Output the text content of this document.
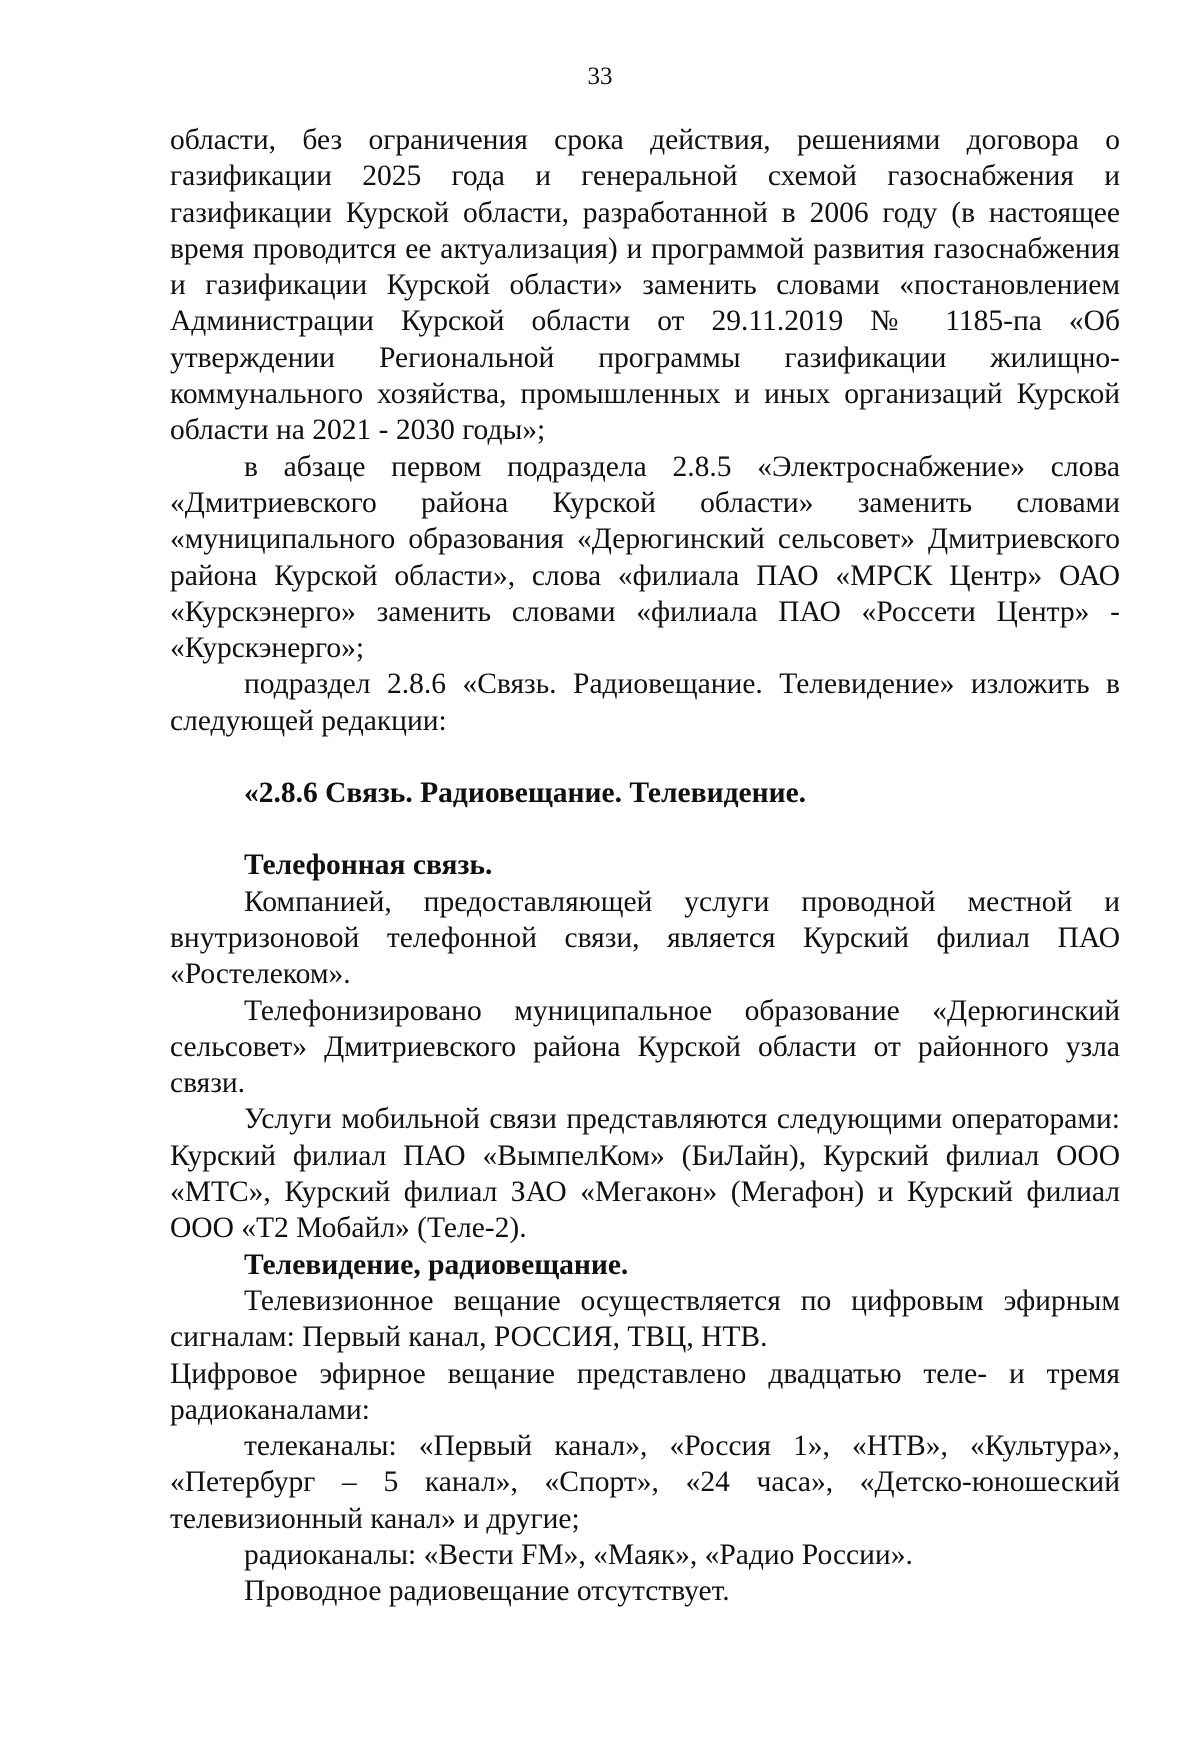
33

области, без ограничения срока действия, решениями договора о газификации 2025 года и генеральной схемой газоснабжения и газификации Курской области, разработанной в 2006 году (в настоящее время проводится ее актуализация) и программой развития газоснабжения и газификации Курской области» заменить словами «постановлением Администрации Курской области от 29.11.2019 № 1185-па «Об утверждении Региональной программы газификации жилищно-коммунального хозяйства, промышленных и иных организаций Курской области на 2021 - 2030 годы»;

в абзаце первом подраздела 2.8.5 «Электроснабжение» слова «Дмитриевского района Курской области» заменить словами «муниципального образования «Дерюгинский сельсовет» Дмитриевского района Курской области», слова «филиала ПАО «МРСК Центр» ОАО «Курскэнерго» заменить словами «филиала ПАО «Россети Центр» - «Курскэнерго»;

подраздел 2.8.6 «Связь. Радиовещание. Телевидение» изложить в следующей редакции:

«2.8.6 Связь. Радиовещание. Телевидение.

Телефонная связь.

Компанией, предоставляющей услуги проводной местной и внутризоновой телефонной связи, является Курский филиал ПАО «Ростелеком».

Телефонизировано муниципальное образование «Дерюгинский сельсовет» Дмитриевского района Курской области от районного узла связи.

Услуги мобильной связи представляются следующими операторами: Курский филиал ПАО «ВымпелКом» (БиЛайн), Курский филиал ООО «МТС», Курский филиал ЗАО «Мегакон» (Мегафон) и Курский филиал ООО «Т2 Мобайл» (Теле-2).

Телевидение, радиовещание.

Телевизионное вещание осуществляется по цифровым эфирным сигналам: Первый канал, РОССИЯ, ТВЦ, НТВ.

Цифровое эфирное вещание представлено двадцатью теле- и тремя радиоканалами:

телеканалы: «Первый канал», «Россия 1», «НТВ», «Культура», «Петербург – 5 канал», «Спорт», «24 часа», «Детско-юношеский телевизионный канал» и другие;

радиоканалы: «Вести FM», «Маяк», «Радио России».

Проводное радиовещание отсутствует.
